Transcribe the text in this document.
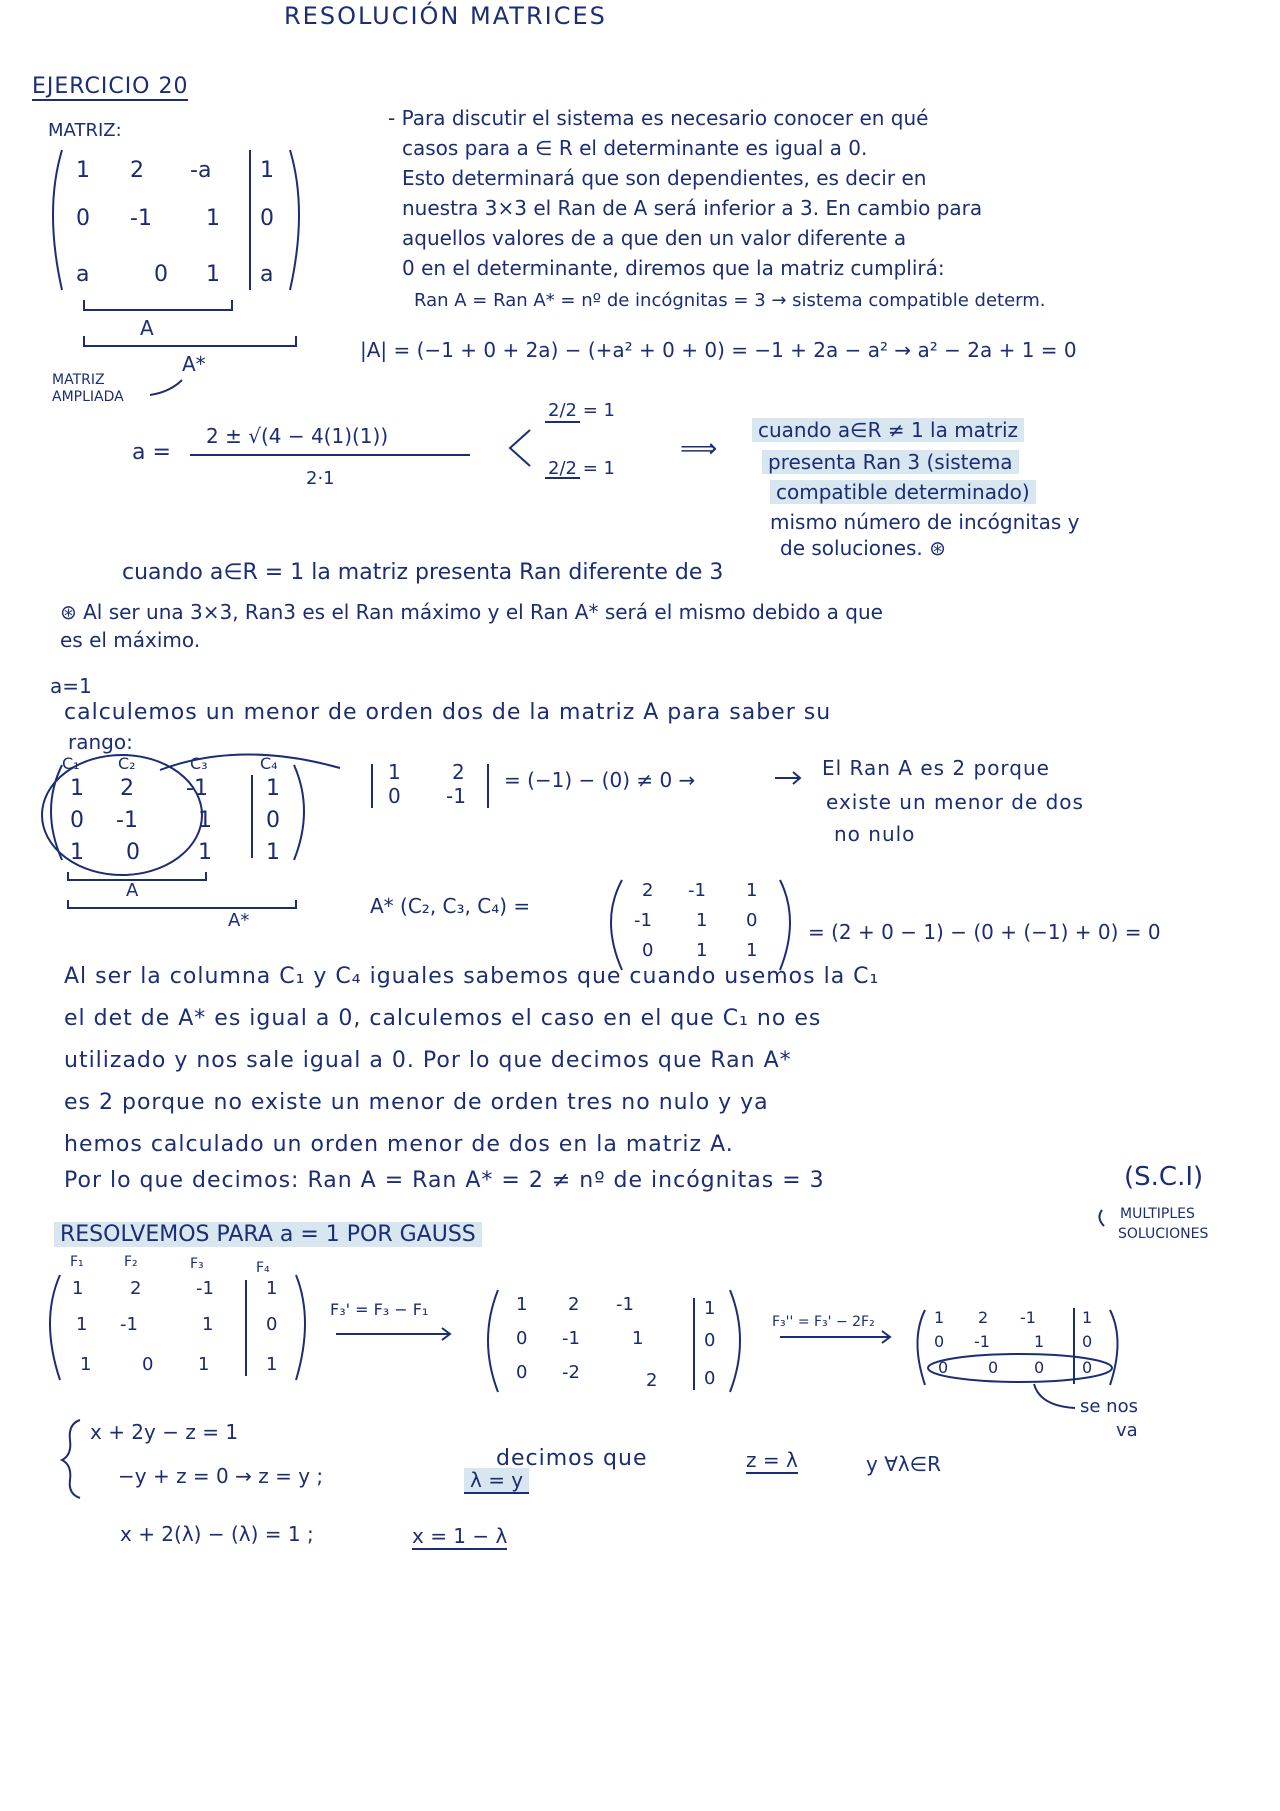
RESOLUCIÓN MATRICES
EJERCICIO 20
MATRIZ:
1 2 -a 1
0 -1 1 0
a	0 1 a
A
A*
MATRIZ
AMPLIADA
- Para discutir el sistema es necesario conocer en qué
casos para a ∈ R el determinante es igual a 0.
Esto determinará que son dependientes, es decir en
nuestra 3×3 el Ran de A será inferior a 3. En cambio para
aquellos valores de a que den un valor diferente a
0 en el determinante, diremos que la matriz cumplirá:
Ran A = Ran A* = nº de incógnitas = 3 → sistema compatible determ.
|A| = (−1 + 0 + 2a) − (+a² + 0 + 0) = −1 + 2a − a² → a² − 2a + 1 = 0
a =
2 ± √(4 − 4(1)(1))
2·1
2/2 = 1
2/2 = 1
⟹
cuando a∈R ≠ 1 la matriz
presenta Ran 3 (sistema
compatible determinado)
mismo número de incógnitas y
de soluciones. ⊛
cuando a∈R = 1 la matriz presenta Ran diferente de 3
⊛ Al ser una 3×3, Ran3 es el Ran máximo y el Ran A* será el mismo debido a que
es el máximo.
a=1
calculemos un menor de orden dos de la matriz A para saber su
rango:
C₁ C₂	C₃	C₄
1 2 -1	1
0 -1	1 0
1 0	1 1
A
A*
1	2
0 -1
= (−1) − (0) ≠ 0 →	El Ran A es 2 porque
existe un menor de dos
no nulo
A* (C₂, C₃, C₄) =
2 -1 1
-1 1 0
0 1 1
= (2 + 0 − 1) − (0 + (−1) + 0) = 0
Al ser la columna C₁ y C₄ iguales sabemos que cuando usemos la C₁
el det de A* es igual a 0, calculemos el caso en el que C₁ no es
utilizado y nos sale igual a 0. Por lo que decimos que Ran A*
es 2 porque no existe un menor de orden tres no nulo y ya
hemos calculado un orden menor de dos en la matriz A.
Por lo que decimos: Ran A = Ran A* = 2 ≠ nº de incógnitas = 3	(S.C.I)
MULTIPLES
SOLUCIONES
RESOLVEMOS PARA a = 1 POR GAUSS
F₁	F₂	F₃	F₄
1	2	-1	1
1 -1	1	0
1	0 1	1
F₃' = F₃ − F₁	1 2 -1	1
0 -1	1	0
0 -2	2	0
F₃'' = F₃' − 2F₂	1 2 -1	1
0 -1	1 0
0 0 0 0
se nos
va
x + 2y − z = 1
−y + z = 0 → z = y ;	λ = y
decimos que	z = λ	y ∀λ∈R
x + 2(λ) − (λ) = 1 ;	x = 1 − λ
